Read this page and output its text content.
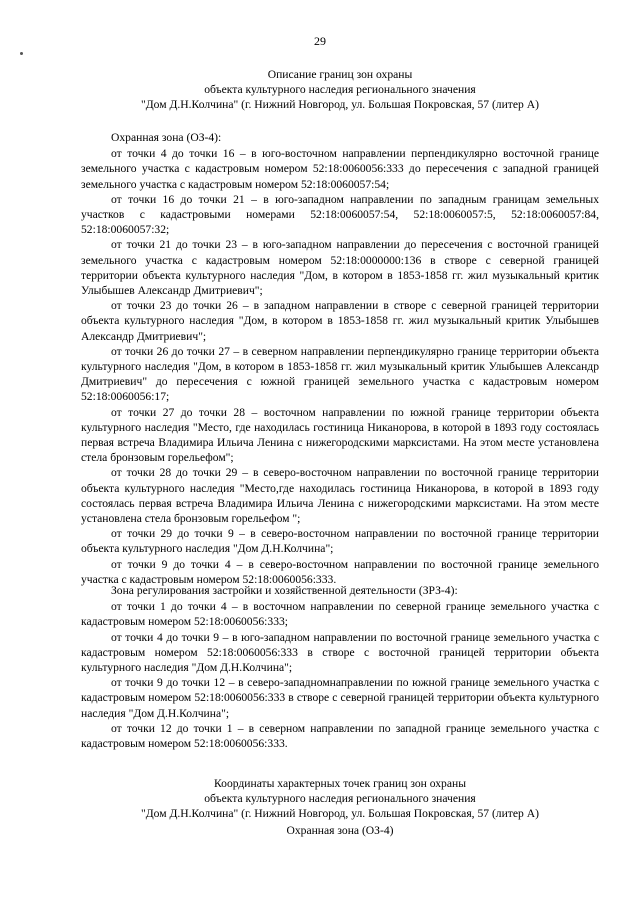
29
Описание границ зон охраны
объекта культурного наследия регионального значения
"Дом Д.Н.Колчина" (г. Нижний Новгород, ул. Большая Покровская, 57 (литер А)
Охранная зона (ОЗ-4):

от точки 4 до точки 16 – в юго-восточном направлении перпендикулярно восточной границе земельного участка с кадастровым номером 52:18:0060056:333 до пересечения с западной границей земельного участка с кадастровым номером 52:18:0060057:54;

от точки 16 до точки 21 – в юго-западном направлении по западным границам земельных участков с кадастровыми номерами 52:18:0060057:54, 52:18:0060057:5, 52:18:0060057:84, 52:18:0060057:32;

от точки 21 до точки 23 – в юго-западном направлении до пересечения с восточной границей земельного участка с кадастровым номером 52:18:0000000:136 в створе с северной границей территории объекта культурного наследия "Дом, в котором в 1853-1858 гг. жил музыкальный критик Улыбышев Александр Дмитриевич";

от точки 23 до точки 26 – в западном направлении в створе с северной границей территории объекта культурного наследия "Дом, в котором в 1853-1858 гг. жил музыкальный критик Улыбышев Александр Дмитриевич";

от точки 26 до точки 27 – в северном направлении перпендикулярно границе территории объекта культурного наследия "Дом, в котором в 1853-1858 гг. жил музыкальный критик Улыбышев Александр Дмитриевич" до пересечения с южной границей земельного участка с кадастровым номером 52:18:0060056:17;

от точки 27 до точки 28 – восточном направлении по южной границе территории объекта культурного наследия "Место, где находилась гостиница Никанорова, в которой в 1893 году состоялась первая встреча Владимира Ильича Ленина с нижегородскими марксистами. На этом месте установлена стела бронзовым горельефом";

от точки 28 до точки 29 – в северо-восточном направлении по восточной границе территории объекта культурного наследия "Место,где находилась гостиница Никанорова, в которой в 1893 году состоялась первая встреча Владимира Ильича Ленина с нижегородскими марксистами. На этом месте установлена стела бронзовым горельефом ";

от точки 29 до точки 9 – в северо-восточном направлении по восточной границе территории объекта культурного наследия "Дом Д.Н.Колчина";

от точки 9 до точки 4 – в северо-восточном направлении по восточной границе земельного участка с кадастровым номером 52:18:0060056:333.

Зона регулирования застройки и хозяйственной деятельности (ЗРЗ-4):

от точки 1 до точки 4 – в восточном направлении по северной границе земельного участка с кадастровым номером 52:18:0060056:333;

от точки 4 до точки 9 – в юго-западном направлении по восточной границе земельного участка с кадастровым номером 52:18:0060056:333 в створе с восточной границей территории объекта культурного наследия "Дом Д.Н.Колчина";

от точки 9 до точки 12 – в северо-западномнаправлении по южной границе земельного участка с кадастровым номером 52:18:0060056:333 в створе с северной границей территории объекта культурного наследия "Дом Д.Н.Колчина";

от точки 12 до точки 1 – в северном направлении по западной границе земельного участка с кадастровым номером 52:18:0060056:333.

Координаты характерных точек границ зон охраны
объекта культурного наследия регионального значения
"Дом Д.Н.Колчина" (г. Нижний Новгород, ул. Большая Покровская, 57 (литер А)
Охранная зона (ОЗ-4)
